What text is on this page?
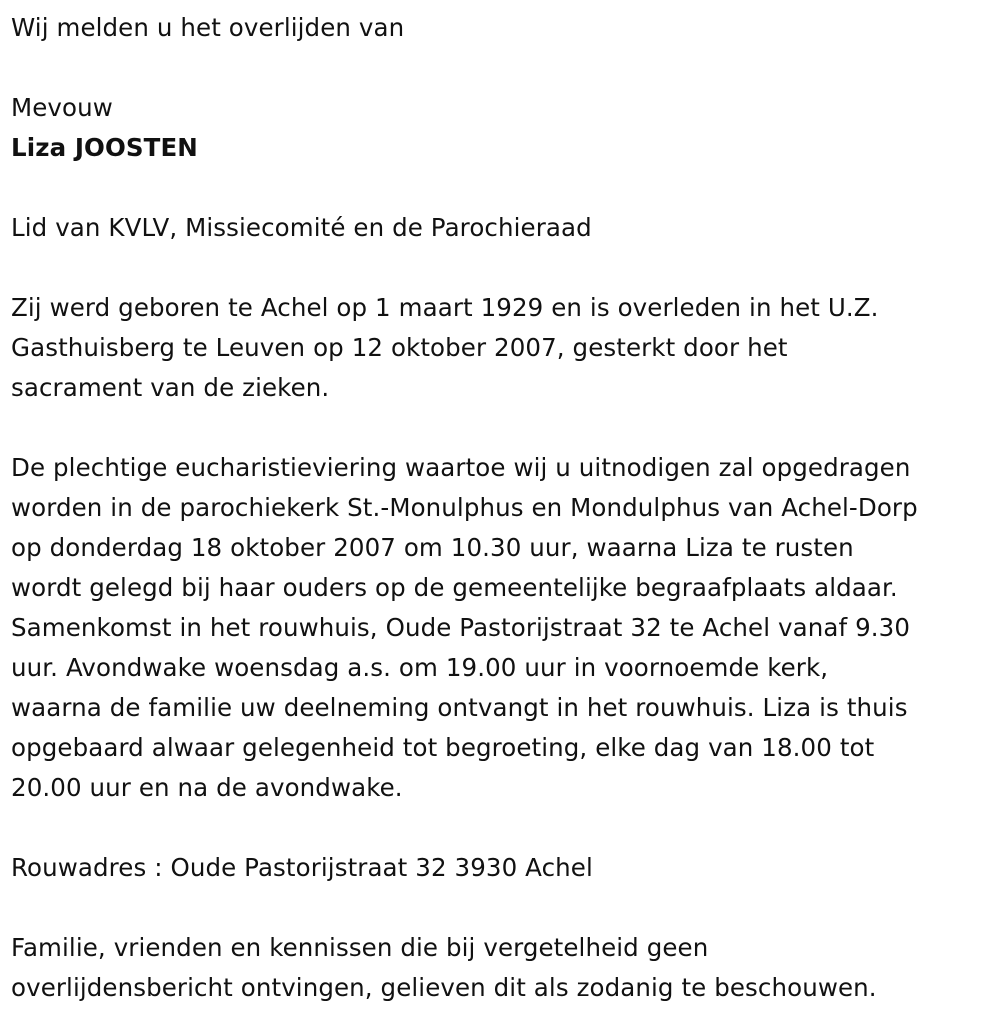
Wij melden u het overlijden van
Mevouw
Liza JOOSTEN
Lid van KVLV, Missiecomité en de Parochieraad
Zij werd geboren te Achel op 1 maart 1929 en is overleden in het U.Z.
Gasthuisberg te Leuven op 12 oktober 2007, gesterkt door het
sacrament van de zieken.
De plechtige eucharistieviering waartoe wij u uitnodigen zal opgedragen
worden in de parochiekerk St.-Monulphus en Mondulphus van Achel-Dorp
op donderdag 18 oktober 2007 om 10.30 uur, waarna Liza te rusten
wordt gelegd bij haar ouders op de gemeentelijke begraafplaats aldaar.
Samenkomst in het rouwhuis, Oude Pastorijstraat 32 te Achel vanaf 9.30
uur. Avondwake woensdag a.s. om 19.00 uur in voornoemde kerk,
waarna de familie uw deelneming ontvangt in het rouwhuis. Liza is thuis
opgebaard alwaar gelegenheid tot begroeting, elke dag van 18.00 tot
20.00 uur en na de avondwake.
Rouwadres : Oude Pastorijstraat 32 3930 Achel
Familie, vrienden en kennissen die bij vergetelheid geen
overlijdensbericht ontvingen, gelieven dit als zodanig te beschouwen.
